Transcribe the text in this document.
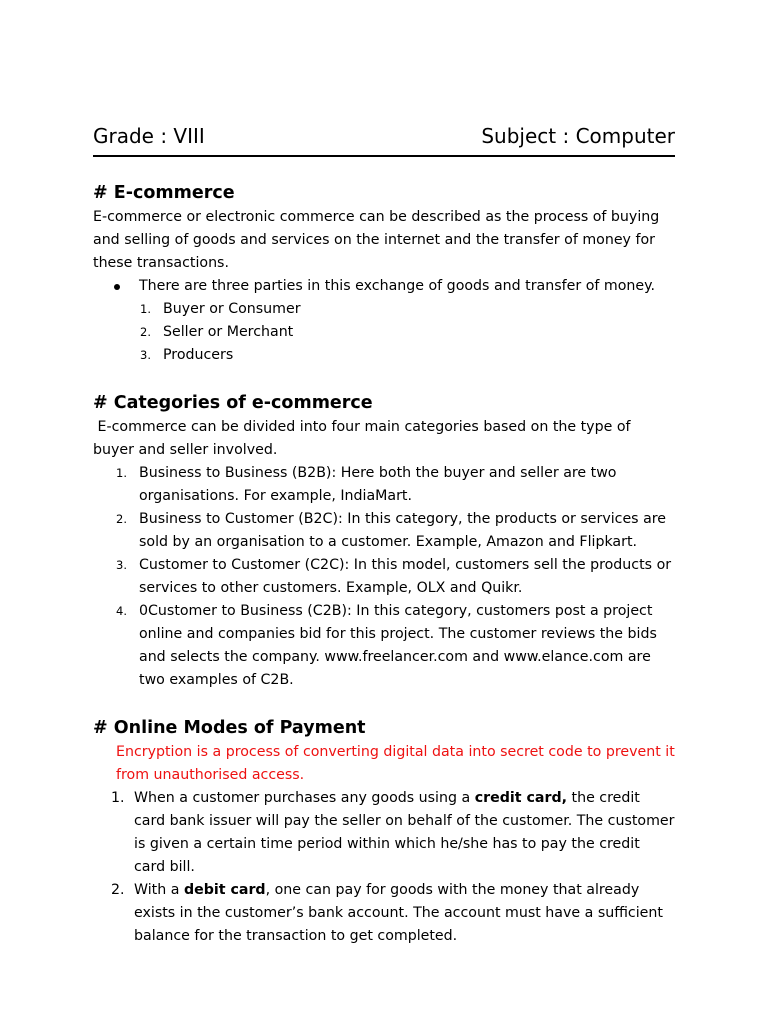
Grade : VIII	Subject : Computer
# E-commerce

E-commerce or electronic commerce can be described as the process of buying and selling of goods and services on the internet and the transfer of money for these transactions.

There are three parties in this exchange of goods and transfer of money.
1. Buyer or Consumer
2. Seller or Merchant
3. Producers
# Categories of e-commerce

E-commerce can be divided into four main categories based on the type of buyer and seller involved.

1. Business to Business (B2B): Here both the buyer and seller are two organisations. For example, IndiaMart.
2. Business to Customer (B2C): In this category, the products or services are sold by an organisation to a customer. Example, Amazon and Flipkart.
3. Customer to Customer (C2C): In this model, customers sell the products or services to other customers. Example, OLX and Quikr.
4. 0Customer to Business (C2B): In this category, customers post a project online and companies bid for this project. The customer reviews the bids and selects the company. www.freelancer.com and www.elance.com are two examples of C2B.
# Online Modes of Payment

Encryption is a process of converting digital data into secret code to prevent it from unauthorised access.

1. When a customer purchases any goods using a credit card, the credit card bank issuer will pay the seller on behalf of the customer. The customer is given a certain time period within which he/she has to pay the credit card bill.
2. With a debit card, one can pay for goods with the money that already exists in the customer’s bank account. The account must have a sufficient balance for the transaction to get completed.
